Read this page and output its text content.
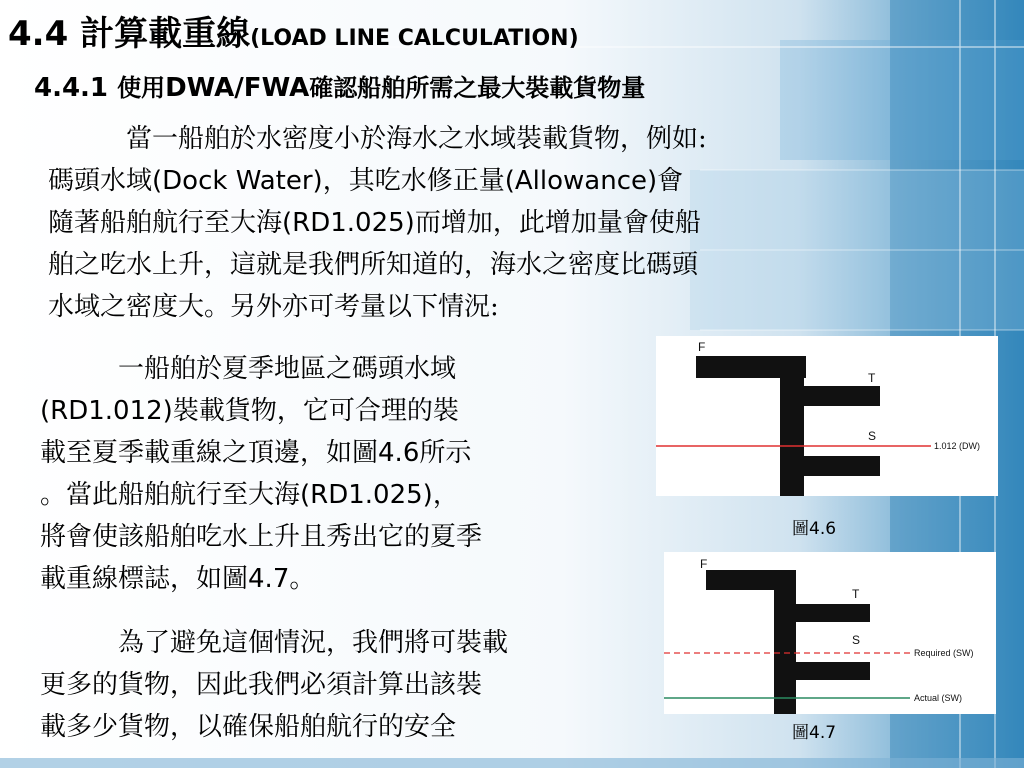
4.4 計算載重線(LOAD LINE CALCULATION)
4.4.1 使用DWA/FWA確認船舶所需之最大裝載貨物量
當一船舶於水密度小於海水之水域裝載貨物，例如:
碼頭水域(Dock Water)，其吃水修正量(Allowance)會
隨著船舶航行至大海(RD1.025)而增加，此增加量會使船
舶之吃水上升，這就是我們所知道的，海水之密度比碼頭
水域之密度大。另外亦可考量以下情況:
一船舶於夏季地區之碼頭水域
(RD1.012)裝載貨物，它可合理的裝
載至夏季載重線之頂邊，如圖4.6所示
。當此船舶航行至大海(RD1.025)，
將會使該船舶吃水上升且秀出它的夏季
載重線標誌，如圖4.7。
為了避免這個情況，我們將可裝載
更多的貨物，因此我們必須計算出該裝
載多少貨物，以確保船舶航行的安全
F
T
S
1.012 (DW)
圖4.6
F
T
S
Required (SW)
Actual (SW)
圖4.7
